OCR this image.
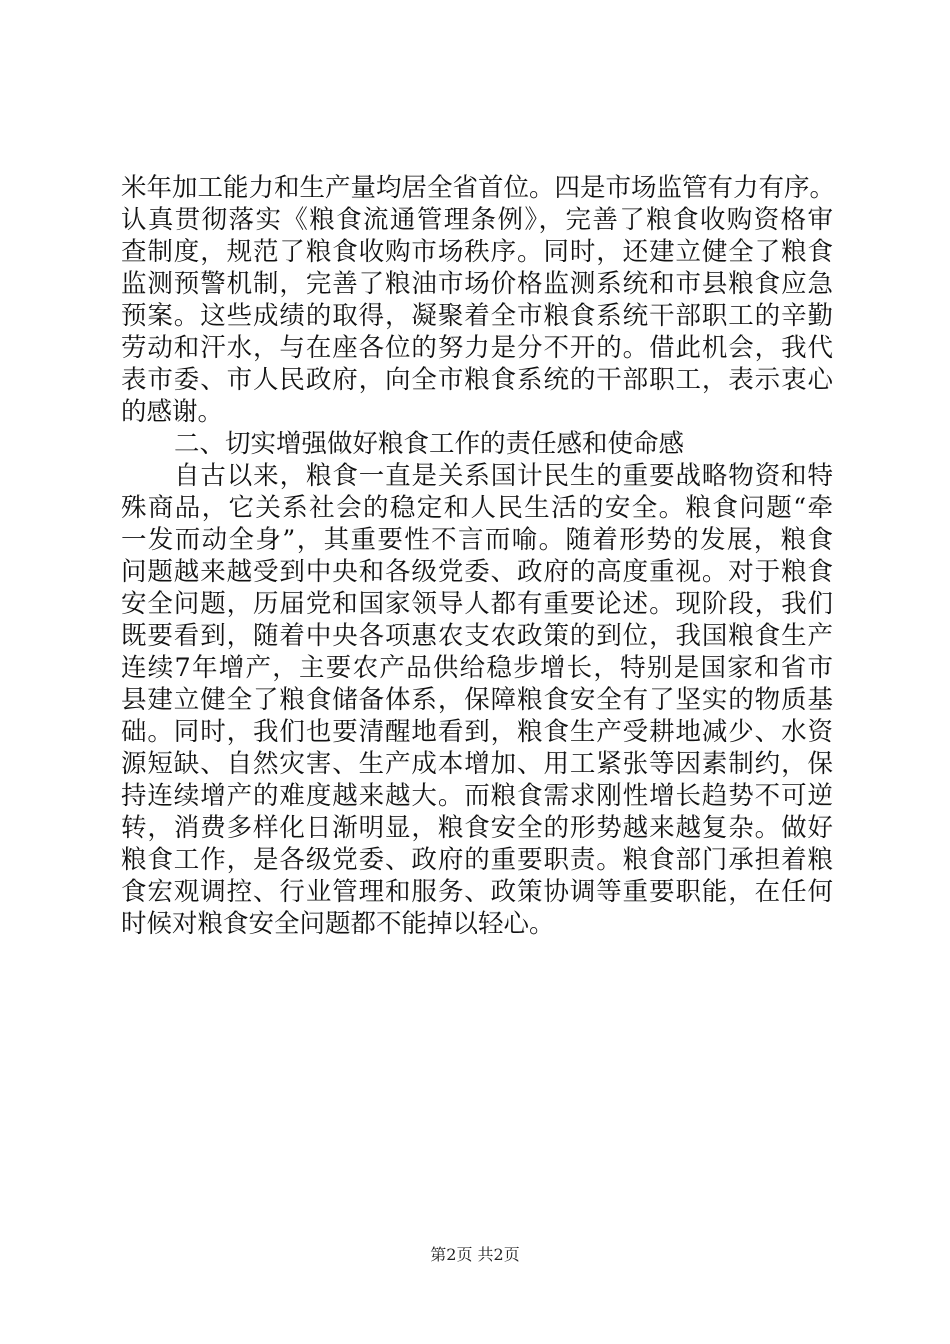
米年加工能力和生产量均居全省首位。四是市场监管有力有序。
认真贯彻落实《粮食流通管理条例》，完善了粮食收购资格审
查制度，规范了粮食收购市场秩序。同时，还建立健全了粮食
监测预警机制，完善了粮油市场价格监测系统和市县粮食应急
预案。这些成绩的取得，凝聚着全市粮食系统干部职工的辛勤
劳动和汗水，与在座各位的努力是分不开的。借此机会，我代
表市委、市人民政府，向全市粮食系统的干部职工，表示衷心
的感谢。
二、切实增强做好粮食工作的责任感和使命感
自古以来，粮食一直是关系国计民生的重要战略物资和特
殊商品，它关系社会的稳定和人民生活的安全。粮食问题“牵
一发而动全身”，其重要性不言而喻。随着形势的发展，粮食
问题越来越受到中央和各级党委、政府的高度重视。对于粮食
安全问题，历届党和国家领导人都有重要论述。现阶段，我们
既要看到，随着中央各项惠农支农政策的到位，我国粮食生产
连续7年增产，主要农产品供给稳步增长，特别是国家和省市
县建立健全了粮食储备体系，保障粮食安全有了坚实的物质基
础。同时，我们也要清醒地看到，粮食生产受耕地减少、水资
源短缺、自然灾害、生产成本增加、用工紧张等因素制约，保
持连续增产的难度越来越大。而粮食需求刚性增长趋势不可逆
转，消费多样化日渐明显，粮食安全的形势越来越复杂。做好
粮食工作，是各级党委、政府的重要职责。粮食部门承担着粮
食宏观调控、行业管理和服务、政策协调等重要职能，在任何
时候对粮食安全问题都不能掉以轻心。
第2页 共2页
